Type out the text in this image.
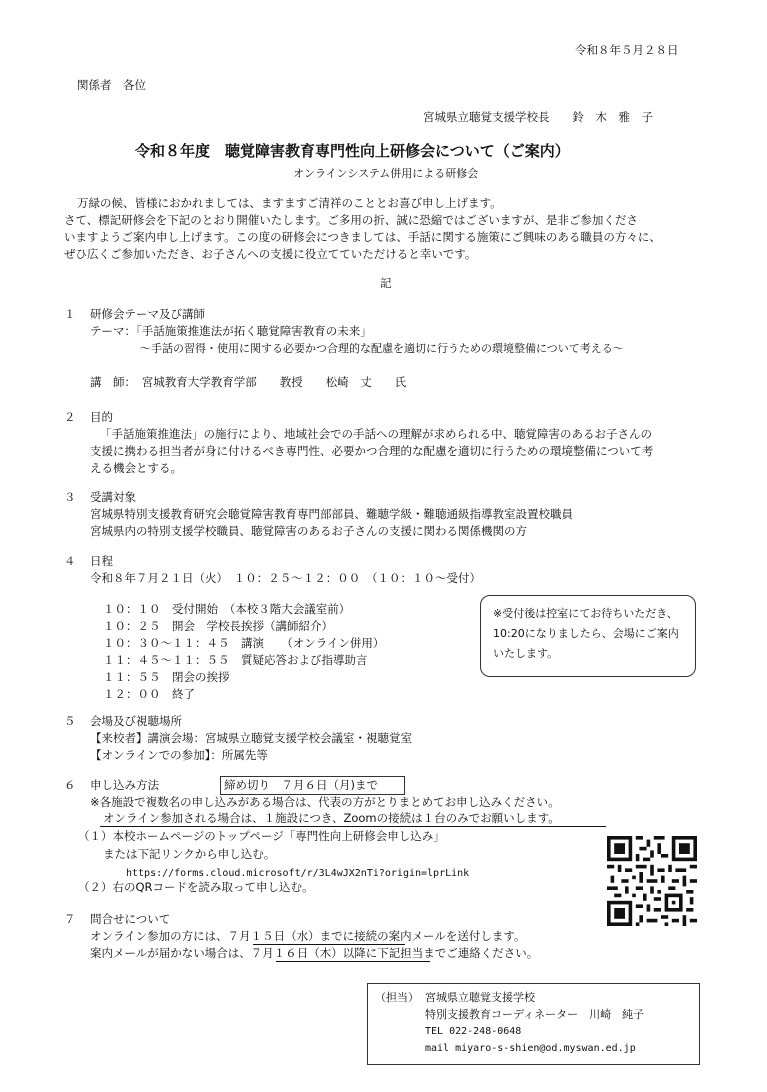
令和８年５月２８日
関係者　各位
宮城県立聴覚支援学校長　　鈴　木　雅　子
令和８年度　聴覚障害教育専門性向上研修会について（ご案内）
オンラインシステム併用による研修会
万緑の候、皆様におかれましては、ますますご清祥のこととお喜び申し上げます。
さて、標記研修会を下記のとおり開催いたします。ご多用の折、誠に恐縮ではございますが、是非ご参加くださ
いますようご案内申し上げます。この度の研修会につきましては、手話に関する施策にご興味のある職員の方々に、
ぜひ広くご参加いただき、お子さんへの支援に役立てていただけると幸いです。
記
１ 研修会テーマ及び講師
テーマ：「手話施策推進法が拓く聴覚障害教育の未来」
～手話の習得・使用に関する必要かつ合理的な配慮を適切に行うための環境整備について考える～
講　師：　宮城教育大学教育学部　　教授　　松崎　丈　　氏
２ 目的
「手話施策推進法」の施行により、地域社会での手話への理解が求められる中、聴覚障害のあるお子さんの
支援に携わる担当者が身に付けるべき専門性、必要かつ合理的な配慮を適切に行うための環境整備について考
える機会とする。
３ 受講対象
宮城県特別支援教育研究会聴覚障害教育専門部部員、難聴学級・難聴通級指導教室設置校職員
宮城県内の特別支援学校職員、聴覚障害のあるお子さんの支援に関わる関係機関の方
４ 日程
令和８年７月２１日（火）　１０：２５～１２：００　（１０：１０～受付）
１０：１０　受付開始　（本校３階大会議室前）
１０：２５　開会　学校長挨拶（講師紹介）
１０：３０～１１：４５　講演　　（オンライン併用）
１１：４５～１１：５５　質疑応答および指導助言
１１：５５　閉会の挨拶
１２：００　終了
※受付後は控室にてお待ちいただき、10:20になりましたら、会場にご案内いたします。
５ 会場及び視聴場所
【来校者】講演会場：宮城県立聴覚支援学校会議室・視聴覚室
【オンラインでの参加】：所属先等
６ 申し込み方法	締め切り　７月６日（月)まで
※各施設で複数名の申し込みがある場合は、代表の方がとりまとめてお申し込みください。
オンライン参加される場合は、１施設につき、Zoomの接続は１台のみでお願いします。
（１）本校ホームページのトップページ「専門性向上研修会申し込み」
または下記リンクから申し込む。
https://forms.cloud.microsoft/r/3L4wJX2nTi?origin=lprLink
（２）右のQRコードを読み取って申し込む。
７ 問合せについて
オンライン参加の方には、７月１５日（水）までに接続の案内メールを送付します。
案内メールが届かない場合は、７月１６日（木）以降に下記担当までご連絡ください。
（担当） 宮城県立聴覚支援学校
特別支援教育コーディネーター　川崎　純子
TEL 022-248-0648
mail miyaro-s-shien@od.myswan.ed.jp
